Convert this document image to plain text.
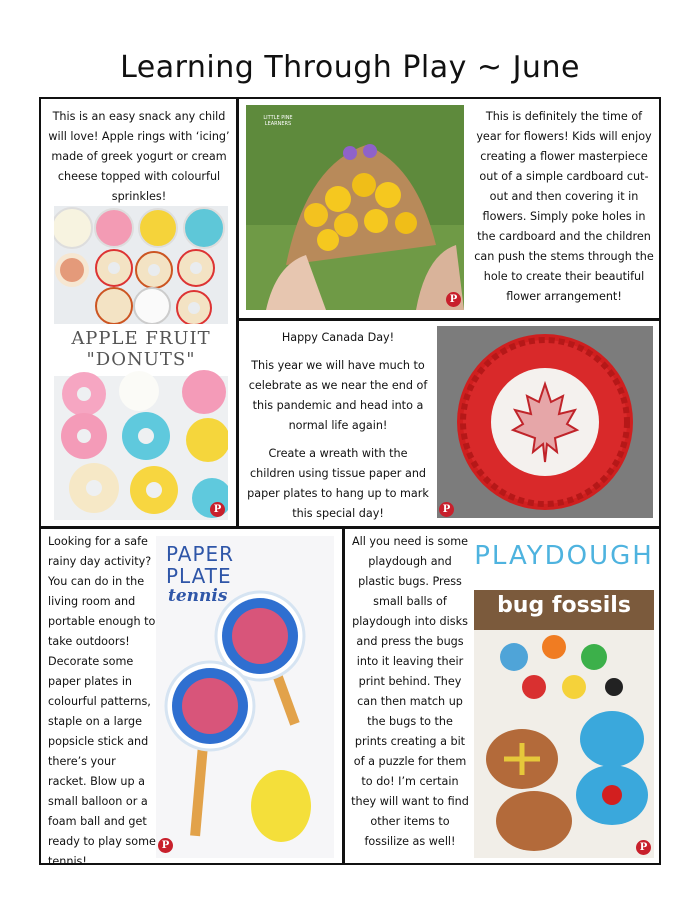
Learning Through Play ~ June
This is an easy snack any child will love! Apple rings with ‘icing’ made of greek yogurt or cream cheese topped with colourful sprinkles!
APPLE FRUIT
"DONUTS"
P
LITTLE PINE LEARNERS
P
This is definitely the time of year for flowers! Kids will enjoy creating a flower masterpiece out of a simple cardboard cut-out and then covering it in flowers. Simply poke holes in the cardboard and the children can push the stems through the hole to create their beautiful flower arrangement!

Happy Canada Day!

This year we will have much to celebrate as we near the end of this pandemic and head into a normal life again!

Create a wreath with the children using tissue paper and paper plates to hang up to mark this special day!	P
Looking for a safe rainy day activity? You can do in the living room and portable enough to take outdoors! Decorate some paper plates in colourful patterns, staple on a large popsicle stick and there’s your racket. Blow up a small balloon or a foam ball and get ready to play some tennis!
PAPER
PLATE
tennis
P
All you need is some playdough and plastic bugs. Press small balls of playdough into disks and press the bugs into it leaving their print behind. They can then match up the bugs to the prints creating a bit of a puzzle for them to do! I’m certain they will want to find other items to fossilize as well!
PLAYDOUGH
bug fossils
P
